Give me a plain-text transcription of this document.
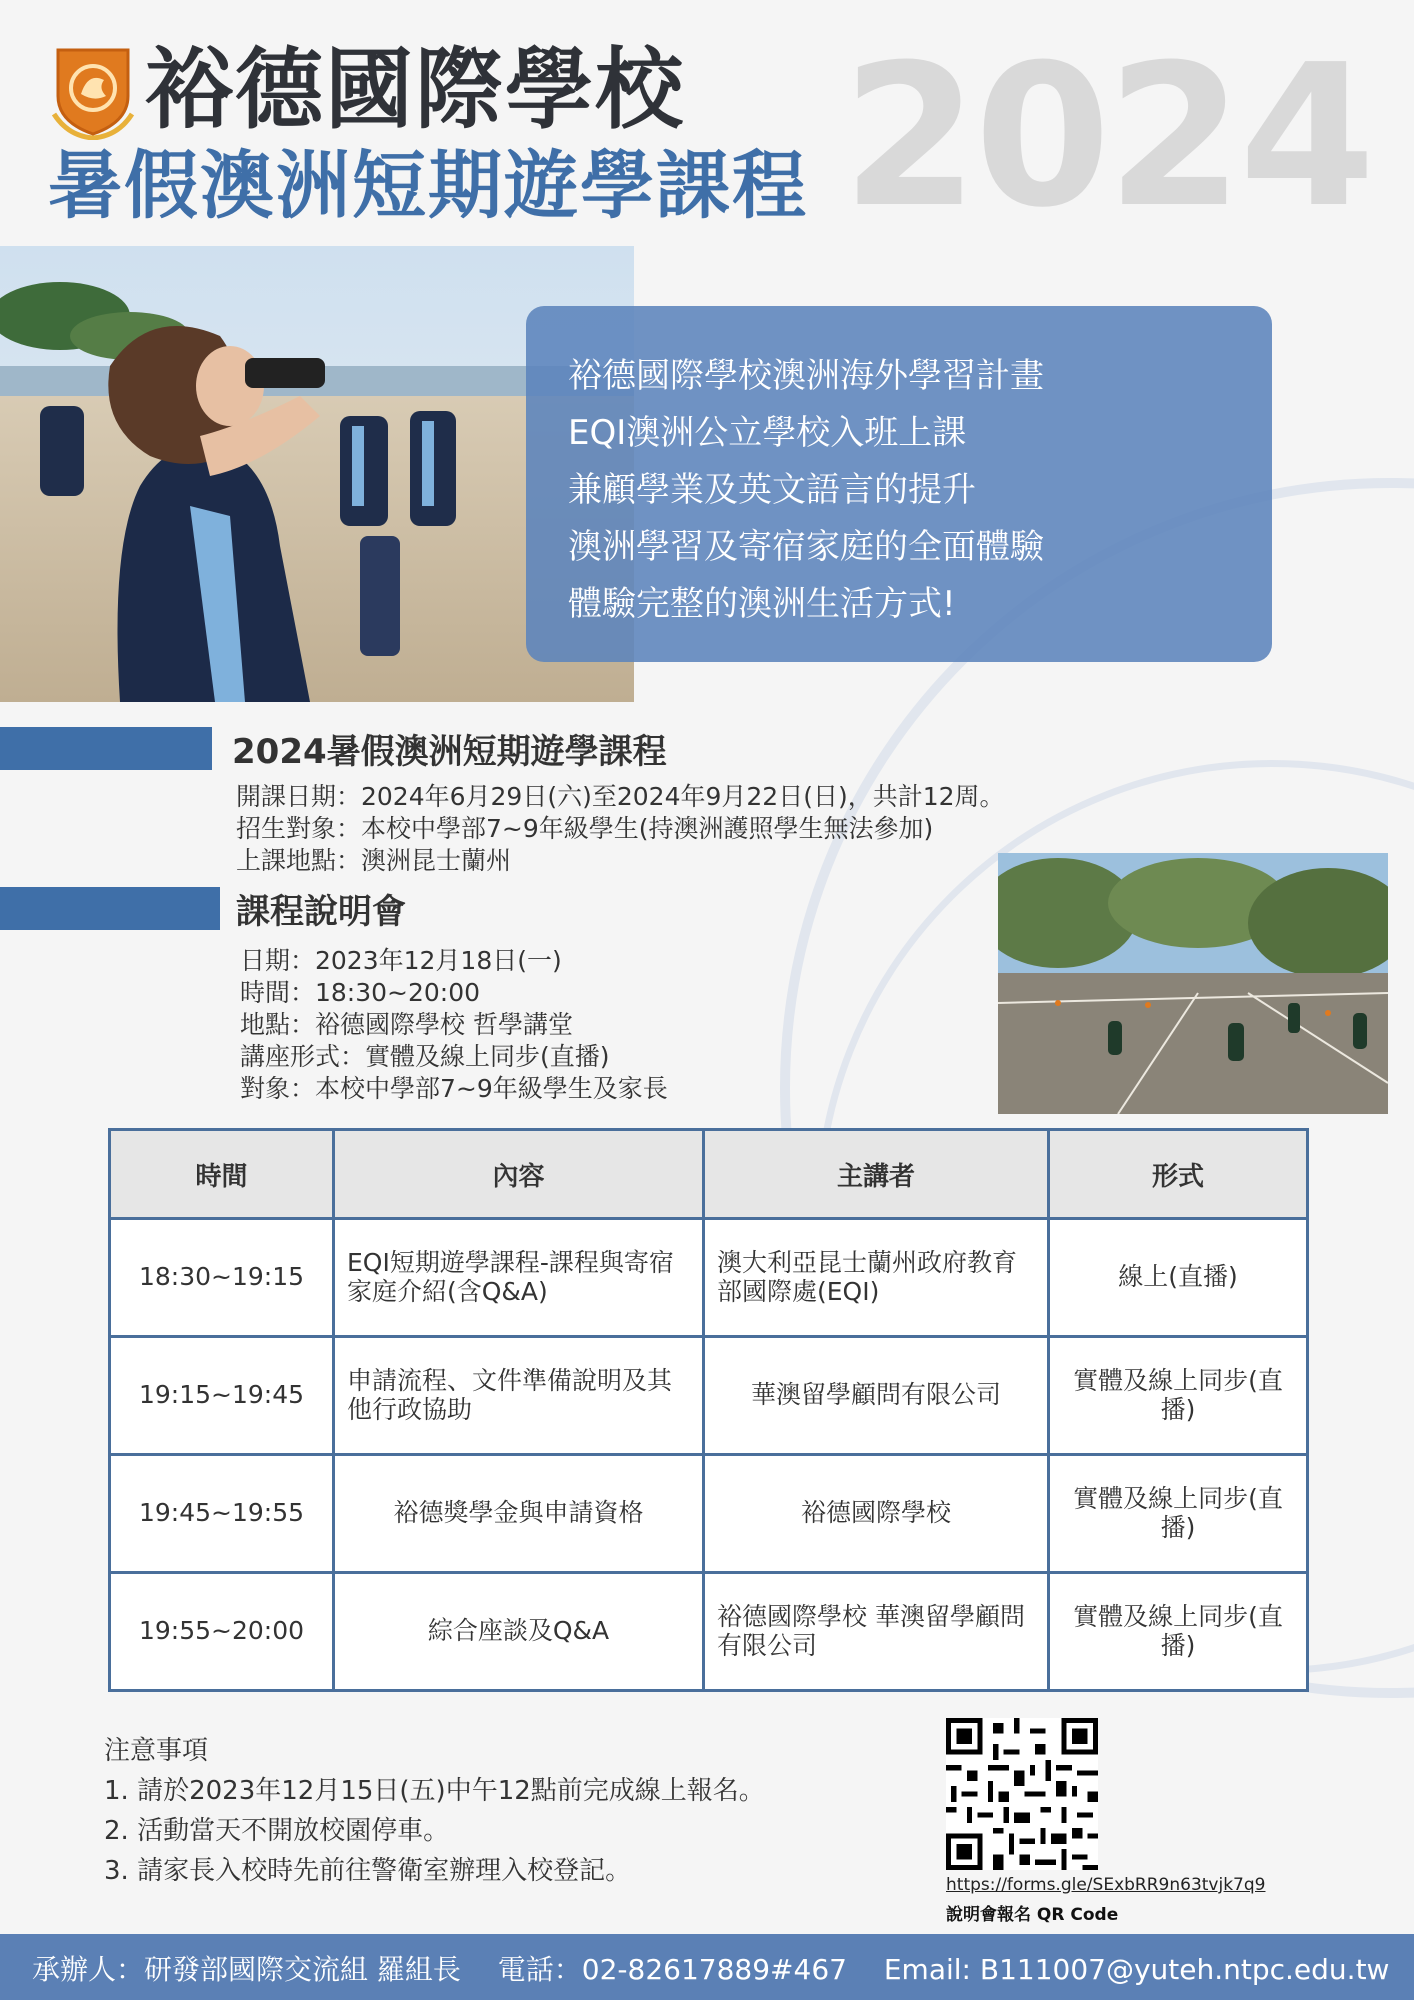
裕德國際學校
暑假澳洲短期遊學課程 2024
裕德國際學校澳洲海外學習計畫
EQI澳洲公立學校入班上課
兼顧學業及英文語言的提升
澳洲學習及寄宿家庭的全面體驗
體驗完整的澳洲生活方式!
2024暑假澳洲短期遊學課程
開課日期：2024年6月29日(六)至2024年9月22日(日)，共計12周。
招生對象：本校中學部7~9年級學生(持澳洲護照學生無法參加)
上課地點：澳洲昆士蘭州
課程說明會
日期：2023年12月18日(一)
時間：18:30~20:00
地點：裕德國際學校 哲學講堂
講座形式：實體及線上同步(直播)
對象：本校中學部7~9年級學生及家長
時間	內容	主講者	形式
18:30~19:15	EQI短期遊學課程-課程與寄宿家庭介紹(含Q&A)	澳大利亞昆士蘭州政府教育部國際處(EQI)	線上(直播)
19:15~19:45	申請流程、文件準備說明及其他行政協助	華澳留學顧問有限公司	實體及線上同步(直播)
19:45~19:55	裕德獎學金與申請資格	裕德國際學校	實體及線上同步(直播)
19:55~20:00	綜合座談及Q&A	裕德國際學校 華澳留學顧問有限公司	實體及線上同步(直播)
注意事項
1. 請於2023年12月15日(五)中午12點前完成線上報名。
2. 活動當天不開放校園停車。
3. 請家長入校時先前往警衛室辦理入校登記。	https://forms.gle/SExbRR9n63tvjk7q9
說明會報名 QR Code
承辦人：研發部國際交流組 羅組長　 電話：02-82617889#467　 Email: B111007@yuteh.ntpc.edu.tw
